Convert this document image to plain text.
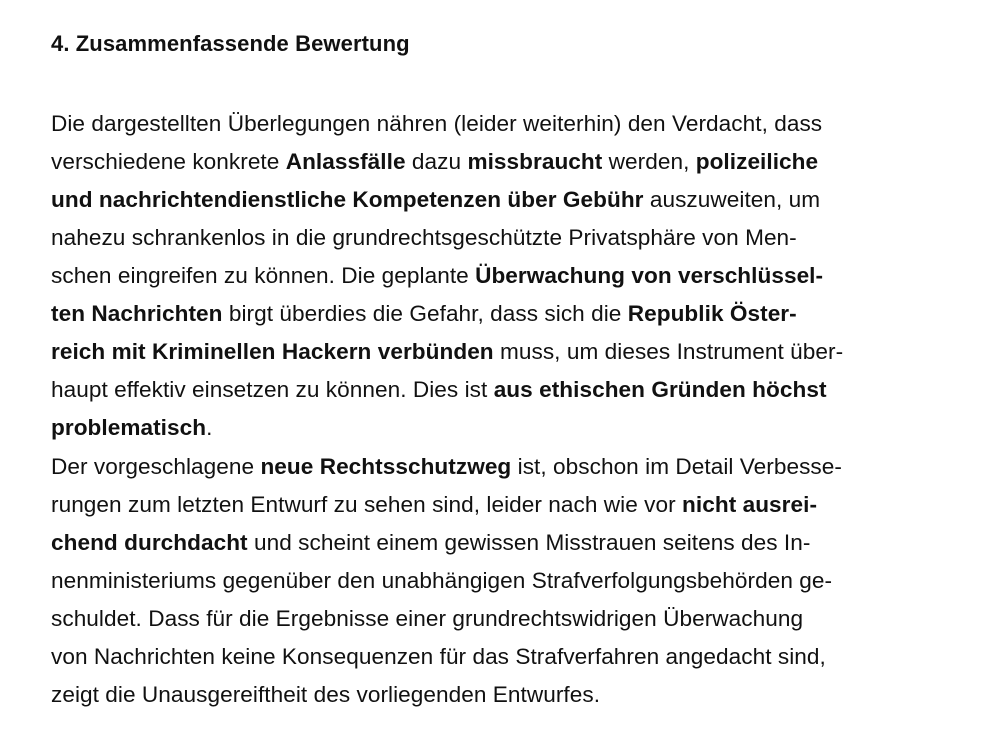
4. Zusammenfassende Bewertung
Die dargestellten Überlegungen nähren (leider weiterhin) den Verdacht, dass
verschiedene konkrete Anlassfälle dazu missbraucht werden, polizeiliche
und nachrichtendienstliche Kompetenzen über Gebühr auszuweiten, um
nahezu schrankenlos in die grundrechtsgeschützte Privatsphäre von Men-
schen eingreifen zu können. Die geplante Überwachung von verschlüssel-
ten Nachrichten birgt überdies die Gefahr, dass sich die Republik Öster-
reich mit Kriminellen Hackern verbünden muss, um dieses Instrument über-
haupt effektiv einsetzen zu können. Dies ist aus ethischen Gründen höchst
problematisch.
Der vorgeschlagene neue Rechtsschutzweg ist, obschon im Detail Verbesse-
rungen zum letzten Entwurf zu sehen sind, leider nach wie vor nicht ausrei-
chend durchdacht und scheint einem gewissen Misstrauen seitens des In-
nenministeriums gegenüber den unabhängigen Strafverfolgungsbehörden ge-
schuldet. Dass für die Ergebnisse einer grundrechtswidrigen Überwachung
von Nachrichten keine Konsequenzen für das Strafverfahren angedacht sind,
zeigt die Unausgereiftheit des vorliegenden Entwurfes.
